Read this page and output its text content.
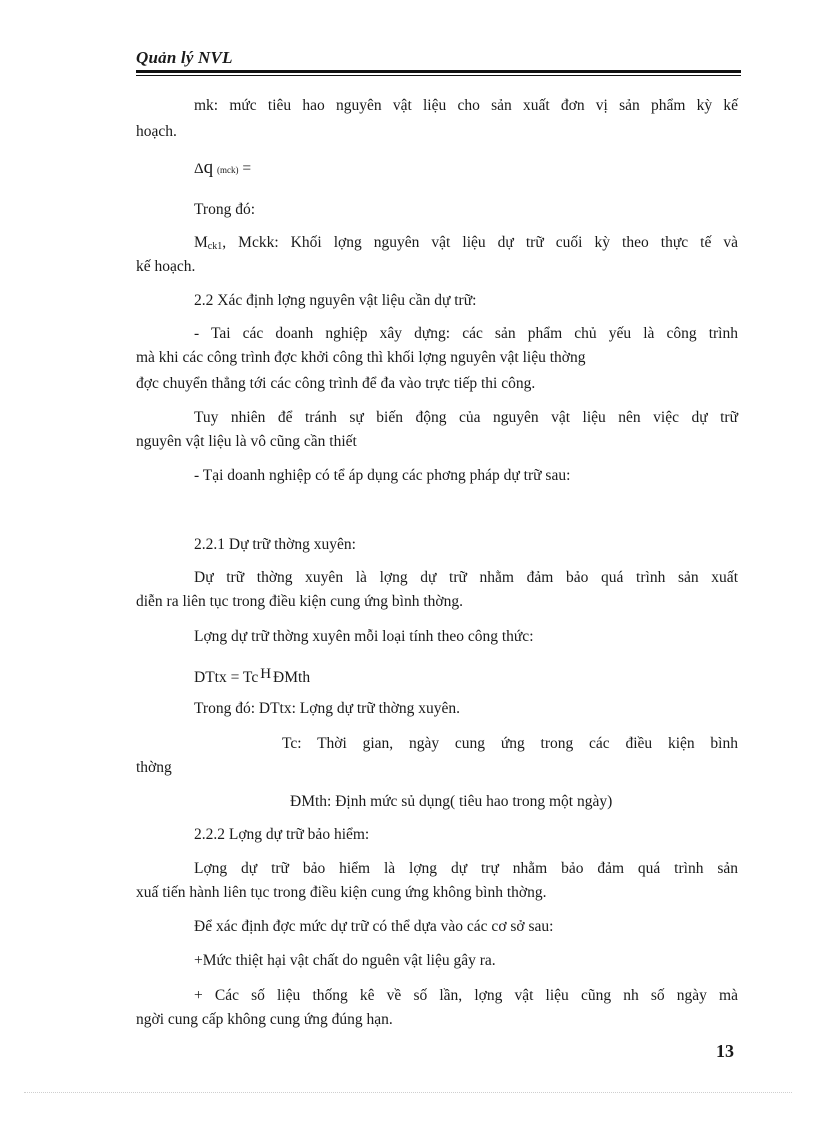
Quản lý NVL
mk: mức tiêu hao nguyên vật liệu cho sản xuất đơn vị sản phẩm kỳ kế
hoạch.
Δq (mck) =
Trong đó:
$M_{ck1}$, Mckk: Khối lợng nguyên vật liệu dự trữ cuối kỳ theo thực tế và
kế hoạch.
2.2 Xác định lợng nguyên vật liệu cần dự trữ:
- Tai các doanh nghiệp xây dựng: các sản phẩm chủ yếu là công trình
mà khi các công trình đợc khởi công thì khối lợng nguyên vật liệu thờng
đợc chuyển thẳng tới các công trình để đa vào trực tiếp thi công.
Tuy nhiên để tránh sự biến động của nguyên vật liệu nên việc dự trữ
nguyên vật liệu là vô cũng cần thiết
- Tại doanh nghiệp có tể áp dụng các phơng pháp dự trữ sau:
2.2.1 Dự trữ thờng xuyên:
Dự trữ thờng xuyên là lợng dự trữ nhằm đảm bảo quá trình sản xuất
diễn ra liên tục trong điều kiện cung ứng bình thờng.
Lợng dự trữ thờng xuyên mỗi loại tính theo công thức:
DTtx = Tc H ĐMth
Trong đó: DTtx: Lợng dự trữ thờng xuyên.
Tc: Thời gian, ngày cung ứng trong các điều kiện bình
thờng
ĐMth: Định mức sủ dụng( tiêu hao trong một ngày)
2.2.2 Lợng dự trữ bảo hiểm:
Lợng dự trữ bảo hiểm là lợng dự trự nhằm bảo đảm quá trình sản
xuấ tiến hành liên tục trong điều kiện cung ứng không bình thờng.
Để xác định đợc mức dự trữ có thể dựa vào các cơ sở sau:
+Mức thiệt hại vật chất do nguên vật liệu gây ra.
+ Các số liệu thống kê về số lần, lợng vật liệu cũng nh số ngày mà
ngời cung cấp không cung ứng đúng hạn.
13
